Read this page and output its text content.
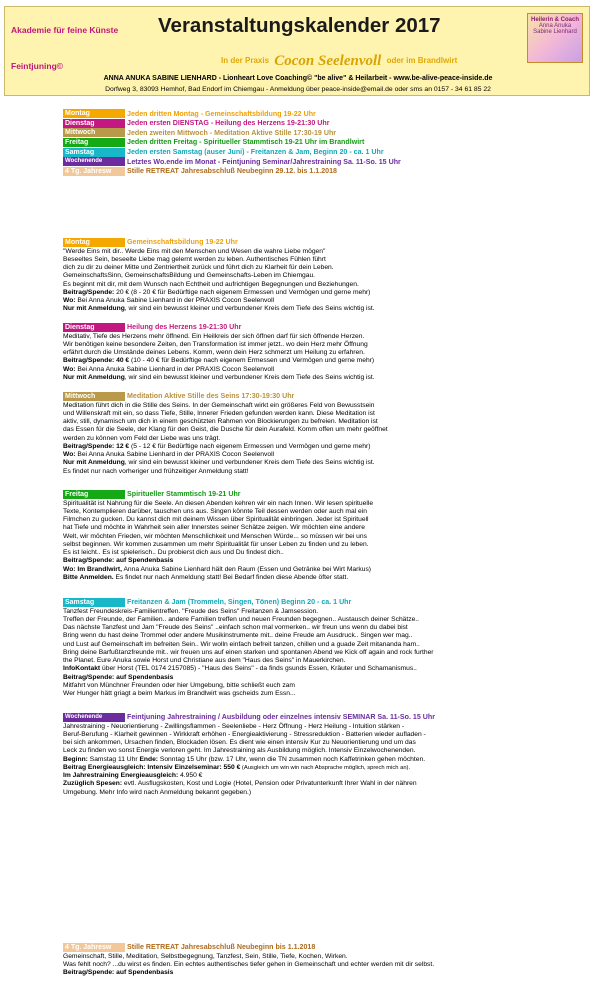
Akademie für feine Künste Veranstaltungskalender 2017	Heilerin & Coach
Anna Anuka
Sabine Lienhard
Feintjuning©
In der Praxis Cocon Seelenvoll oder im Brandlwirt
ANNA ANUKA SABINE LIENHARD - Lionheart Love Coaching© "be alive" & Heilarbeit - www.be-alive-peace-inside.de
Dorfweg 3, 83093 Hemhof, Bad Endorf im Chiemgau - Anmeldung über peace-inside@email.de oder sms an 0157 - 34 61 85 22
Montag	Jeden dritten Montag - Gemeinschaftsbildung 19-22 Uhr
Dienstag	Jeden ersten DIENSTAG - Heilung des Herzens 19-21:30 Uhr
Mittwoch	Jeden zweiten Mittwoch - Meditation Aktive Stille 17:30-19 Uhr
Freitag	Jeden dritten Freitag - Spiritueller Stammtisch 19-21 Uhr im Brandlwirt
Samstag	Jeden ersten Samstag (auser Juni) - Freitanzen & Jam, Beginn 20 - ca. 1 Uhr
Wochenende	Letztes Wo.ende im Monat - Feintjuning Seminar/Jahrestraining Sa. 11-So. 15 Uhr
4 Tg. Jahresw	Stille RETREAT Jahresabschluß Neubeginn 29.12. bis 1.1.2018
Montag	Gemeinschaftsbildung 19-22 Uhr

"Werde Eins mit dir.. Werde Eins mit den Menschen und Wesen die wahre Liebe mögen"

Beseeltes Sein, beseelte Liebe mag gelernt werden zu leben. Authentisches Fühlen führt

dich zu dir zu deiner Mitte und Zentriertheit zurück und führt dich zu Klarheit für dein Leben.

GemeinschaftsSinn, GemeinschaftsBildung und Gemeinschafts-Leben im Chiemgau.

Es beginnt mit dir, mit dem Wunsch nach Echtheit und aufrichtigen Begegnungen und Beziehungen.

Beitrag/Spende: 20 € (8 - 20 € für Bedürftige nach eigenem Ermessen und Vermögen und gerne mehr)

Wo: Bei Anna Anuka Sabine Lienhard in der PRAXIS Cocon Seelenvoll

Nur mit Anmeldung, wir sind ein bewusst kleiner und verbundener Kreis dem Tiefe des Seins wichtig ist.

Dienstag	Heilung des Herzens 19-21:30 Uhr

Meditativ, Tiefe des Herzens mehr öffnend. Ein Heilkreis der sich öffnen darf für sich öffnende Herzen.

Wir benötigen keine besondere Zeiten, den Transformation ist immer jetzt.. wo dein Herz mehr Öffnung

erfährt durch die Umstände deines Lebens. Komm, wenn dein Herz schmerzt um Heilung zu erfahren.

Beitrag/Spende: 40 € (10 - 40 € für Bedürftige nach eigenem Ermessen und Vermögen und gerne mehr)

Wo: Bei Anna Anuka Sabine Lienhard in der PRAXIS Cocon Seelenvoll

Nur mit Anmeldung, wir sind ein bewusst kleiner und verbundener Kreis dem Tiefe des Seins wichtig ist.

Mittwoch	Meditation Aktive Stille des Seins 17:30-19:30 Uhr

Meditation führt dich in die Stille des Seins. In der Gemeinschaft wirkt ein größeres Feld von Bewusstsein

und Willenskraft mit ein, so dass Tiefe, Stille, Innerer Frieden gefunden werden kann. Diese Meditation ist

aktiv, still, dynamisch um dich in einem geschützten Rahmen von Blockierungen zu befreien. Meditation ist

das Essen für die Seele, der Klang für den Geist, die Dusche für dein Aurafeld. Komm offen um mehr geöffnet

werden zu können vom Feld der Liebe was uns trägt.

Beitrag/Spende: 12 € (5 - 12 € für Bedürftige nach eigenem Ermessen und Vermögen und gerne mehr)

Wo: Bei Anna Anuka Sabine Lienhard in der PRAXIS Cocon Seelenvoll

Nur mit Anmeldung, wir sind ein bewusst kleiner und verbundener Kreis dem Tiefe des Seins wichtig ist.

Es findet nur nach vorheriger und frühzeitiger Anmeldung statt!

Freitag	Spiritueller Stammtisch 19-21 Uhr

Spiritualität ist Nahrung für die Seele. An diesen Abenden kehren wir ein nach Innen. Wir lesen spirituelle

Texte, Kontemplieren darüber, tauschen uns aus. Singen könnte Teil dessen werden oder auch mal ein

Filmchen zu gucken. Du kannst dich mit deinem Wissen über Spiritualität einbringen. Jeder ist Spirituell

hat Tiefe und möchte in Wahrheit sein aller Innerstes seiner Schätze zeigen. Wir möchten eine andere

Welt, wir möchten Frieden, wir möchten Menschlichkeit und Menschen Würde... so müssen wir bei uns

selbst beginnen. Wir kommen zusammen um mehr Spiritualität für unser Leben zu finden und zu leben.

Es ist leicht.. Es ist spielerisch.. Du probierst dich aus und Du findest dich..

Beitrag/Spende: auf Spendenbasis

Wo: Im Brandlwirt, Anna Anuka Sabine Lienhard hält den Raum (Essen und Getränke bei Wirt Markus)

Bitte Anmelden. Es findet nur nach Anmeldung statt! Bei Bedarf finden diese Abende öfter statt.

Samstag	Freitanzen & Jam (Trommeln, Singen, Tönen) Beginn 20 - ca. 1 Uhr

Tanzfest Freundeskreis-Familientreffen. "Freude des Seins" Freitanzen & Jamsession.

Treffen der Freunde, der Familien.. andere Familien treffen und neuen Freunden begegnen.. Austausch deiner Schätze..

Das nächste Tanzfest und Jam "Freude des Seins" ..einfach schon mal vormerken.. wir freun uns wenn du dabei bist

Bring wenn du hast deine Trommel oder andere Musikinstrumente mit.. deine Freude am Ausdruck.. Singen wer mag..

und Lust auf Gemeinschaft im befreiten Sein.. Wir wolln einfach befreit tanzen, chillen und a guade Zeit mitananda ham..

Bring deine Barfußtanzfreunde mit.. wir freuen uns auf einen starken und spontanen Abend we Kick off again and rock further

the Planet. Eure Anuka sowie Horst und Christiane aus dem "Haus des Seins" in Mauerkirchen.

InfoKontakt über Horst (TEL 0174 2157085) - "Haus des Seins" - da finds gsunds Essen, Kräuter und Schamanismus..

Beitrag/Spende: auf Spendenbasis

Mitfahrt von Münchner Freunden oder hier Umgebung, bitte schließt euch zam

Wer Hunger hätt griagt a beim Markus im Brandlwirt was gscheids zum Essn...

Wochenende	Feintjuning Jahrestraining / Ausbildung oder einzelnes intensiv SEMINAR Sa. 11-So. 15 Uhr

Jahrestraining - Neuorientierung - Zwillingsflammen - Seelenliebe - Herz Öffnung - Herz Heilung - Intuition stärken -

Beruf-Berufung - Klarheit gewinnen - Wirkkraft erhöhen - Energieaktivierung - Stressreduktion - Batterien wieder aufladen -

bei sich ankommen, Ursachen finden, Blockaden lösen. Es dient wie einen intensiv Kur zu Neuorientierung und um das

Leck zu finden wo sonst Energie verloren geht. Im Jahrestraining als Ausbildung möglich. Intensiv Einzelwochenenden.

Beginn: Samstag 11 Uhr Ende: Sonntag 15 Uhr (bzw. 17 Uhr, wenn die TN zusammen noch Kaffetrinken gehen möchten.

Beitrag Energieausgleich: Intensiv Einzelseminar: 550 € (Ausgleich um win win nach Absprache möglich, sprech mich an).

Im Jahrestraining Energieausgleich: 4.950 €

Zuzüglich Spesen: evtl. Ausflugskosten, Kost und Logie (Hotel, Pension oder Privatunterkunft Ihrer Wahl in der nähren

Umgebung. Mehr Info wird nach Anmeldung bekannt gegeben.)

4 Tg. Jahresw	Stille RETREAT Jahresabschluß Neubeginn bis 1.1.2018

Gemeinschaft, Stille, Meditation, Selbstbegegnung, Tanzfest, Sein, Stille, Tiefe, Kochen, Wirken.

Was fehlt noch? ...du wirst es finden. Ein echtes authentisches tiefer gehen in Gemeinschaft und echter werden mit dir selbst.

Beitrag/Spende: auf Spendenbasis
